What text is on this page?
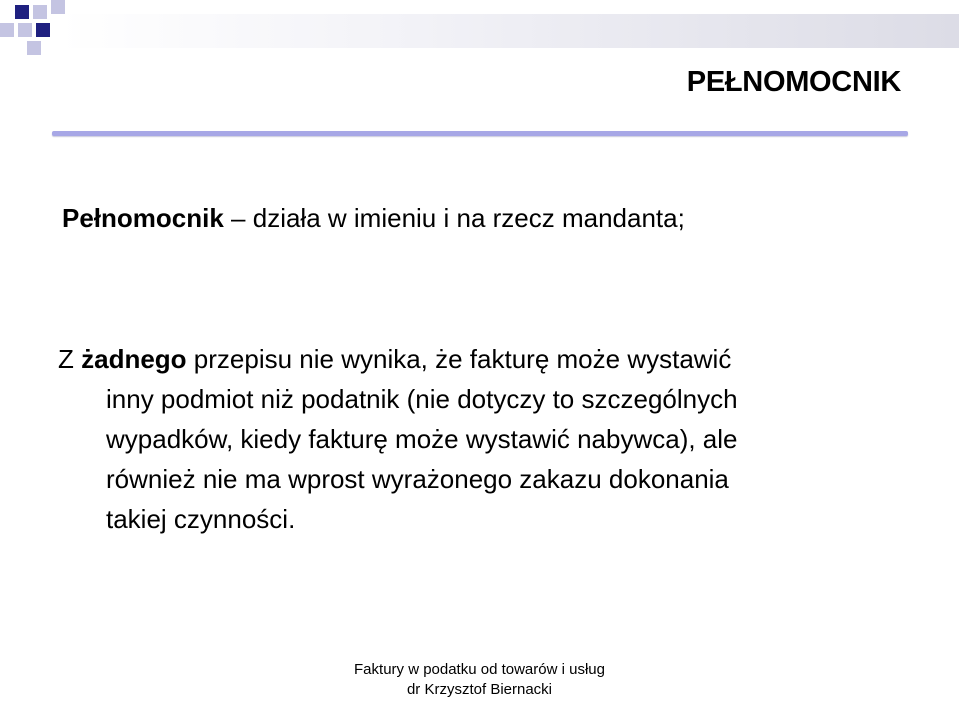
PEŁNOMOCNIK
Pełnomocnik – działa w imieniu i na rzecz mandanta;
Z żadnego przepisu nie wynika, że fakturę może wystawić
inny podmiot niż podatnik (nie dotyczy to szczególnych
wypadków, kiedy fakturę może wystawić nabywca), ale
również nie ma wprost wyrażonego zakazu dokonania
takiej czynności.
Faktury w podatku od towarów i usług
dr Krzysztof Biernacki
